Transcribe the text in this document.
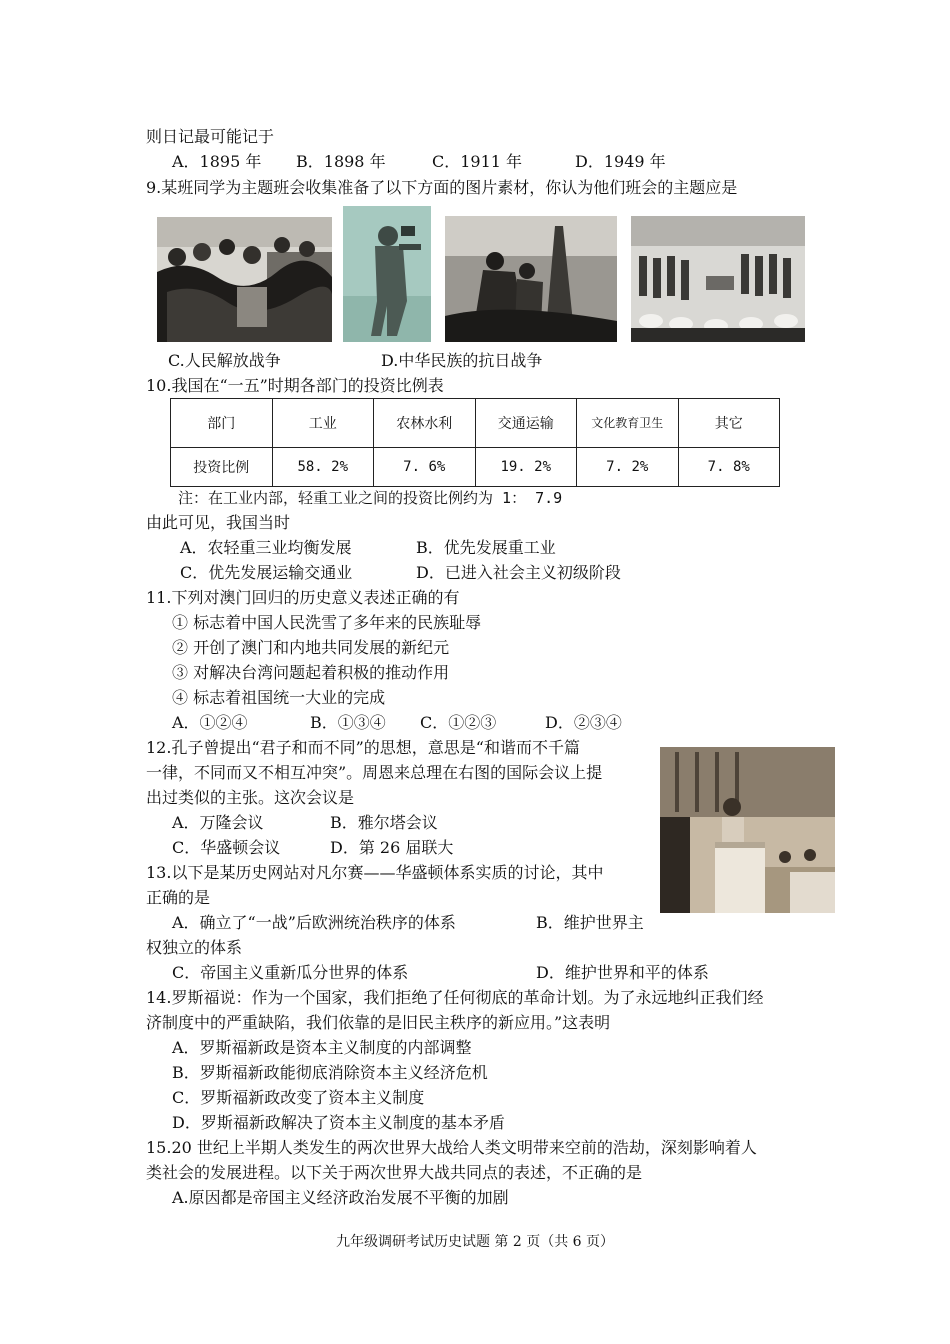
则日记最可能记于
A．1895 年 B．1898 年	C．1911 年	D．1949 年
9.某班同学为主题班会收集准备了以下方面的图片素材，你认为他们班会的主题应是
C.人民解放战争	D.中华民族的抗日战争
10.我国在“一五”时期各部门的投资比例表
部门	工业	农林水利	交通运输	文化教育卫生	其它
投资比例	58. 2%	7. 6%	19. 2%	7. 2%	7. 8%
注：在工业内部，轻重工业之间的投资比例约为 1： 7.9
由此可见，我国当时
A．农轻重三业均衡发展	B．优先发展重工业
C．优先发展运输交通业	D．已进入社会主义初级阶段
11.下列对澳门回归的历史意义表述正确的有
① 标志着中国人民洗雪了多年来的民族耻辱
② 开创了澳门和内地共同发展的新纪元
③ 对解决台湾问题起着积极的推动作用
④ 标志着祖国统一大业的完成
A．①②④	B．①③④ C．①②③	D．②③④
12.孔子曾提出“君子和而不同”的思想，意思是“和谐而不千篇
一律，不同而又不相互冲突”。周恩来总理在右图的国际会议上提
出过类似的主张。这次会议是
A．万隆会议	B．雅尔塔会议
C．华盛顿会议	D．第 26 届联大
13.以下是某历史网站对凡尔赛——华盛顿体系实质的讨论，其中
正确的是
A．确立了“一战”后欧洲统治秩序的体系	B．维护世界主
权独立的体系
C．帝国主义重新瓜分世界的体系	D．维护世界和平的体系
14.罗斯福说：作为一个国家，我们拒绝了任何彻底的革命计划。为了永远地纠正我们经
济制度中的严重缺陷，我们依靠的是旧民主秩序的新应用。”这表明
A．罗斯福新政是资本主义制度的内部调整
B．罗斯福新政能彻底消除资本主义经济危机
C．罗斯福新政改变了资本主义制度
D．罗斯福新政解决了资本主义制度的基本矛盾
15.20 世纪上半期人类发生的两次世界大战给人类文明带来空前的浩劫，深刻影响着人
类社会的发展进程。以下关于两次世界大战共同点的表述，不正确的是
A.原因都是帝国主义经济政治发展不平衡的加剧
九年级调研考试历史试题 第 2 页（共 6 页）
